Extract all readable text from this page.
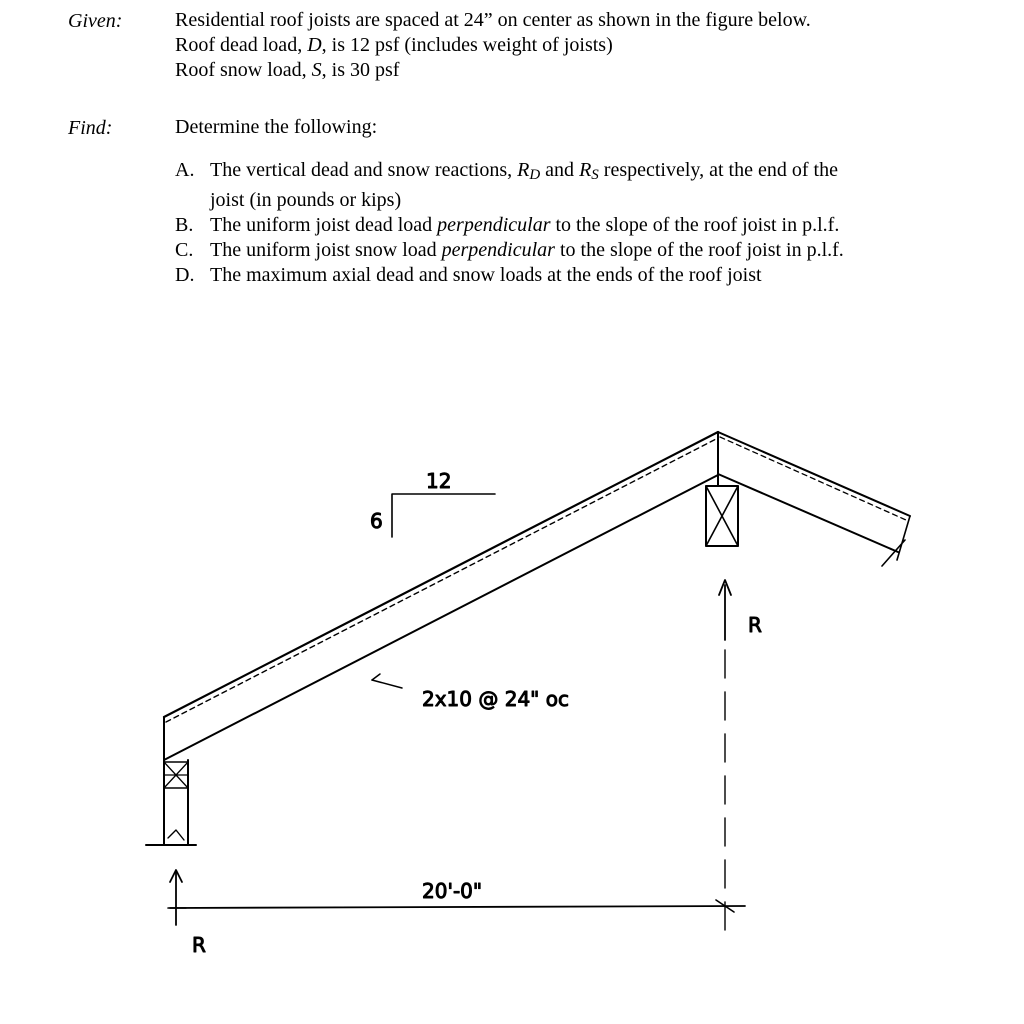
Given:	Residential roof joists are spaced at 24” on center as shown in the figure below.
Roof dead load, D, is 12 psf (includes weight of joists)
Roof snow load, S, is 30 psf
Find:	Determine the following:
A. The vertical dead and snow reactions, $R_D$ and $R_S$ respectively, at the end of the
joist (in pounds or kips)
B. The uniform joist dead load perpendicular to the slope of the roof joist in p.l.f.
C. The uniform joist snow load perpendicular to the slope of the roof joist in p.l.f.
D. The maximum axial dead and snow loads at the ends of the roof joist
12
6
2x10 @ 24" oc
20'-0"
R
R
